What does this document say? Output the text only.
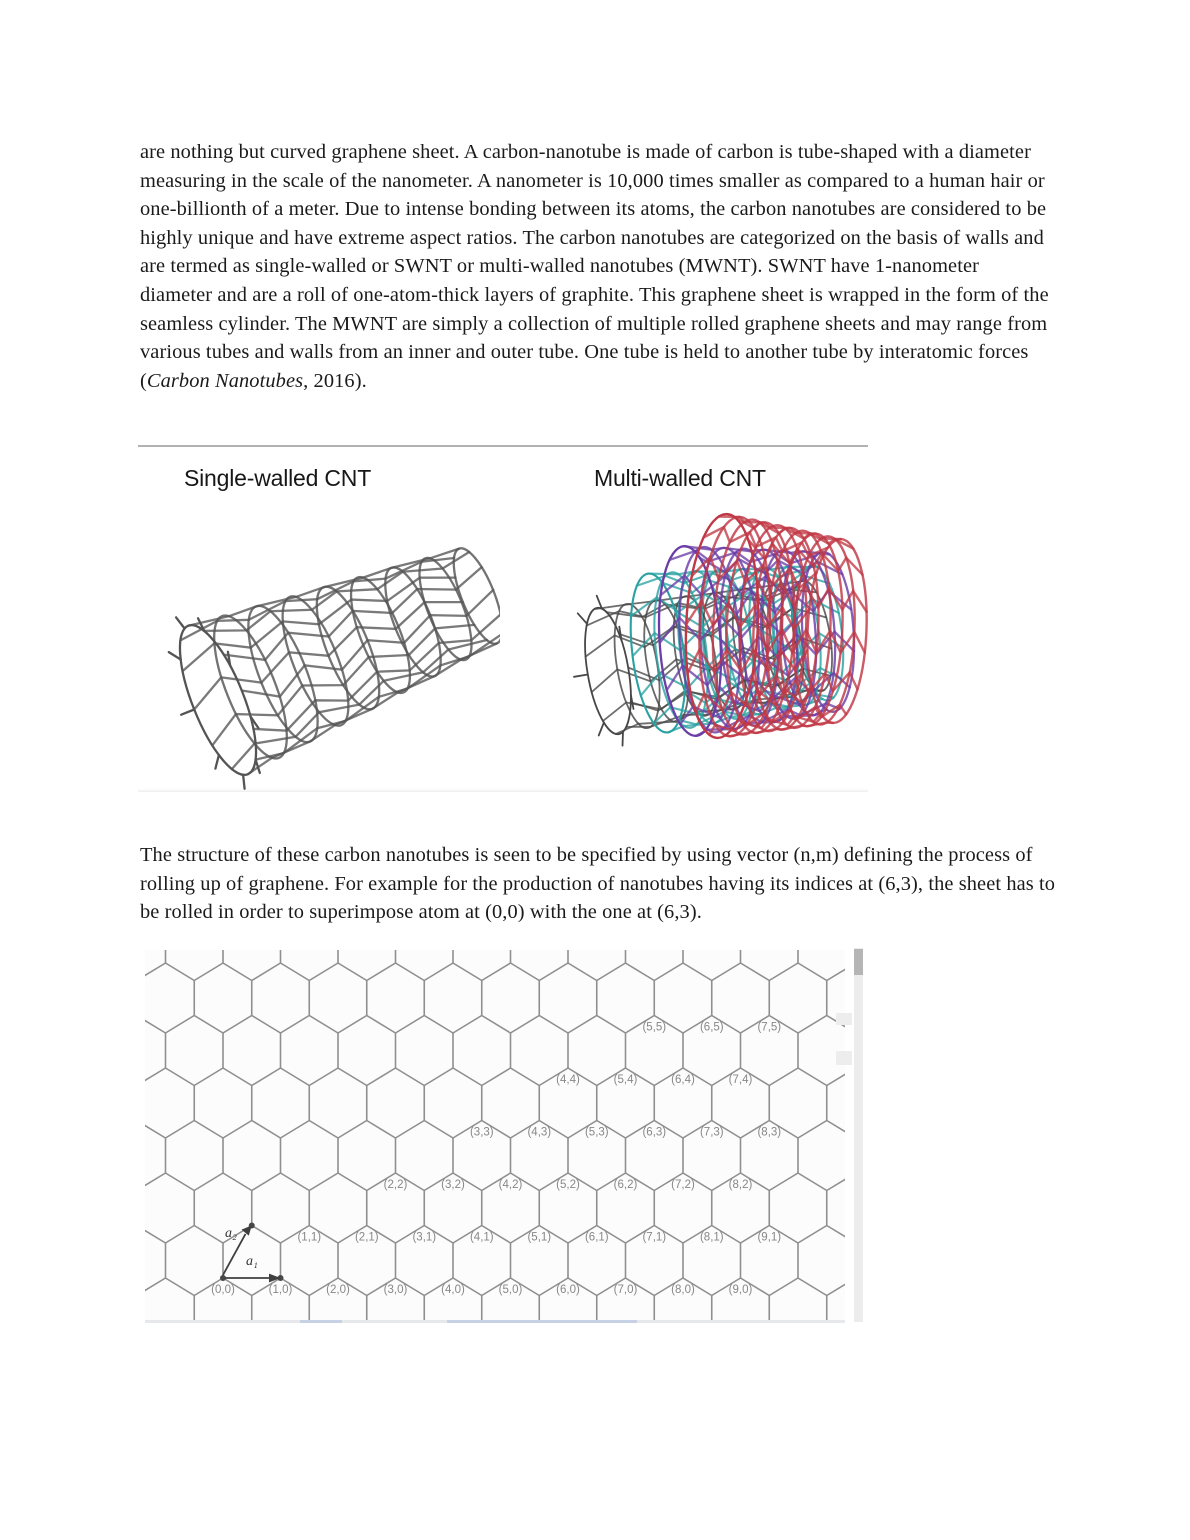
are nothing but curved graphene sheet. A carbon-nanotube is made of carbon is tube-shaped with a diameter measuring in the scale of the nanometer. A nanometer is 10,000 times smaller as compared to a human hair or one-billionth of a meter. Due to intense bonding between its atoms, the carbon nanotubes are considered to be highly unique and have extreme aspect ratios. The carbon nanotubes are categorized on the basis of walls and are termed as single-walled or SWNT or multi-walled nanotubes (MWNT). SWNT have 1-nanometer diameter and are a roll of one-atom-thick layers of graphite. This graphene sheet is wrapped in the form of the seamless cylinder. The MWNT are simply a collection of multiple rolled graphene sheets and may range from various tubes and walls from an inner and outer tube. One tube is held to another tube by interatomic forces (Carbon Nanotubes, 2016).

Single-walled CNT	Multi-walled CNT

The structure of these carbon nanotubes is seen to be specified by using vector (n,m) defining the process of rolling up of graphene. For example for the production of nanotubes having its indices at (6,3), the sheet has to be rolled in order to superimpose atom at (0,0) with the one at (6,3).

(0,0)	(1,0)	(2,0)	(3,0)	(4,0)	(5,0)	(6,0)	(7,0)	(8,0)	(9,0)
(1,1)	(2,1)	(3,1)	(4,1)	(5,1)	(6,1)	(7,1)	(8,1)	(9,1)
(2,2)	(3,2)	(4,2)	(5,2)	(6,2)	(7,2)	(8,2)
(3,3)	(4,3)	(5,3)	(6,3)	(7,3)	(8,3)
(4,4)	(5,4)	(6,4)	(7,4)
(5,5)	(6,5)	(7,5)
a₁
a₂
